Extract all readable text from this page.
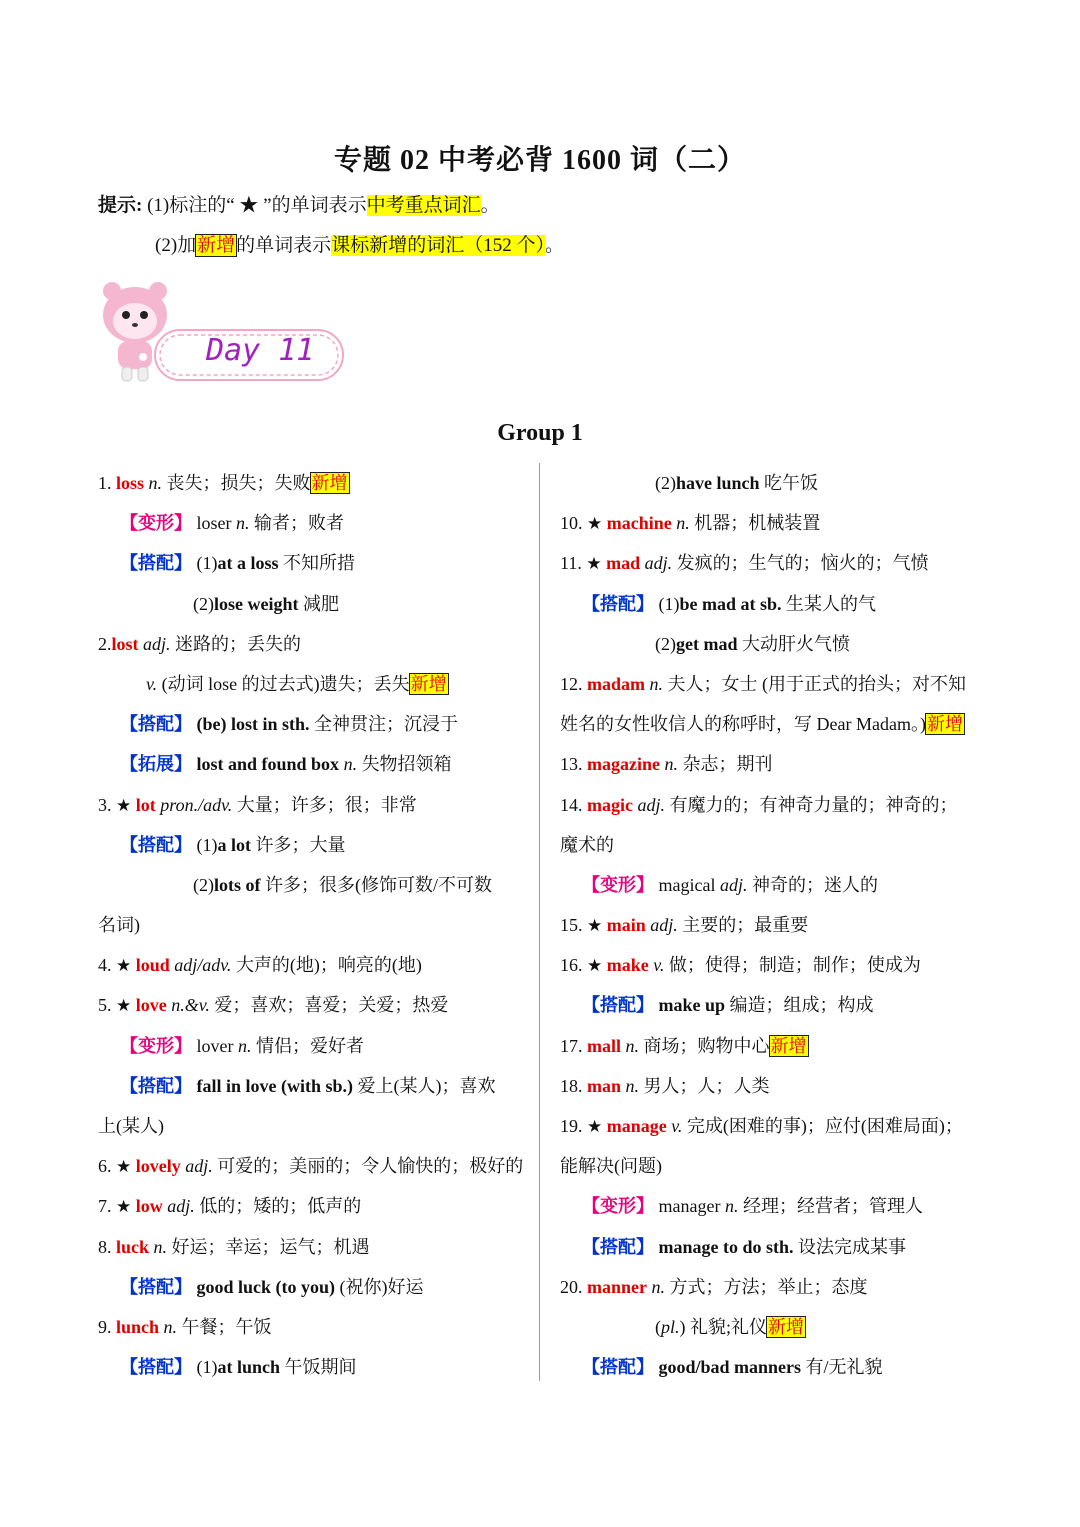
专题 02 中考必背 1600 词（二）
提示: (1)标注的“ ★ ”的单词表示中考重点词汇。
(2)加新增的单词表示课标新增的词汇（152 个）。
Day 11
Group 1
1. loss n. 丧失；损失；失败新增
【变形】 loser n. 输者；败者
【搭配】 (1)at a loss 不知所措
(2)lose weight 减肥
2.lost adj. 迷路的；丢失的
v. (动词 lose 的过去式)遗失；丢失新增
【搭配】 (be) lost in sth. 全神贯注；沉浸于
【拓展】 lost and found box n. 失物招领箱
3. ★ lot pron./adv. 大量；许多；很；非常
【搭配】 (1)a lot 许多；大量
(2)lots of 许多；很多(修饰可数/不可数
名词)
4. ★ loud adj/adv. 大声的(地)；响亮的(地)
5. ★ love n.&v. 爱；喜欢；喜爱；关爱；热爱
【变形】 lover n. 情侣；爱好者
【搭配】 fall in love (with sb.) 爱上(某人)；喜欢
上(某人)
6. ★ lovely adj. 可爱的；美丽的；令人愉快的；极好的
7. ★ low adj. 低的；矮的；低声的
8. luck n. 好运；幸运；运气；机遇
【搭配】 good luck (to you) (祝你)好运
9. lunch n. 午餐；午饭
【搭配】 (1)at lunch 午饭期间
(2)have lunch 吃午饭
10. ★ machine n. 机器；机械装置
11. ★ mad adj. 发疯的；生气的；恼火的；气愤
【搭配】 (1)be mad at sb. 生某人的气
(2)get mad 大动肝火气愤
12. madam n. 夫人；女士 (用于正式的抬头；对不知
姓名的女性收信人的称呼时，写 Dear Madam。)新增
13. magazine n. 杂志；期刊
14. magic adj. 有魔力的；有神奇力量的；神奇的；
魔术的
【变形】 magical adj. 神奇的；迷人的
15. ★ main adj. 主要的；最重要
16. ★ make v. 做；使得；制造；制作；使成为
【搭配】 make up 编造；组成；构成
17. mall n. 商场；购物中心新增
18. man n. 男人；人；人类
19. ★ manage v. 完成(困难的事)；应付(困难局面)；
能解决(问题)
【变形】 manager n. 经理；经营者；管理人
【搭配】 manage to do sth. 设法完成某事
20. manner n. 方式；方法；举止；态度
(pl.) 礼貌;礼仪新增
【搭配】 good/bad manners 有/无礼貌
